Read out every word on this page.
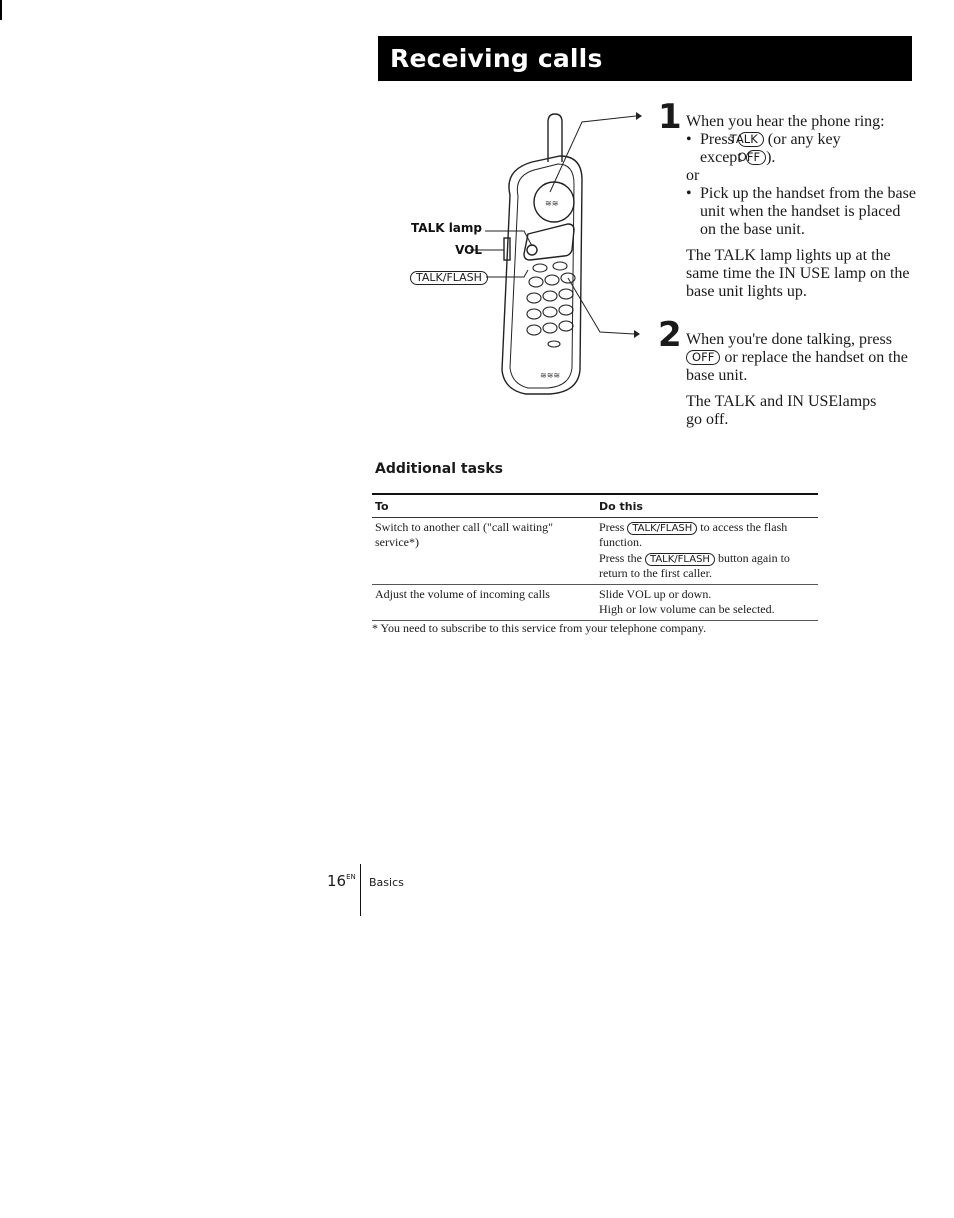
Receiving calls
≋≋
≋≋≋
TALK lamp
VOL
TALK/FLASH
1 When you hear the phone ring:

• Press TALK (or any key
except OFF ).

or

• Pick up the handset from the base unit when the handset is placed on the base unit.

The TALK lamp lights up at the same time the IN USE lamp on the base unit lights up.

2 When you're done talking, press OFF or replace the handset on the base unit.

The TALK and IN USElamps go off.

Additional tasks
To	Do this
Switch to another call ("call waiting" service*)	Press TALK/FLASH to access the flash function.
Press the TALK/FLASH button again to return to the first caller.
Adjust the volume of incoming calls	Slide VOL up or down.
High or low volume can be selected.
* You need to subscribe to this service from your telephone company.
$16^{EN}$ Basics
